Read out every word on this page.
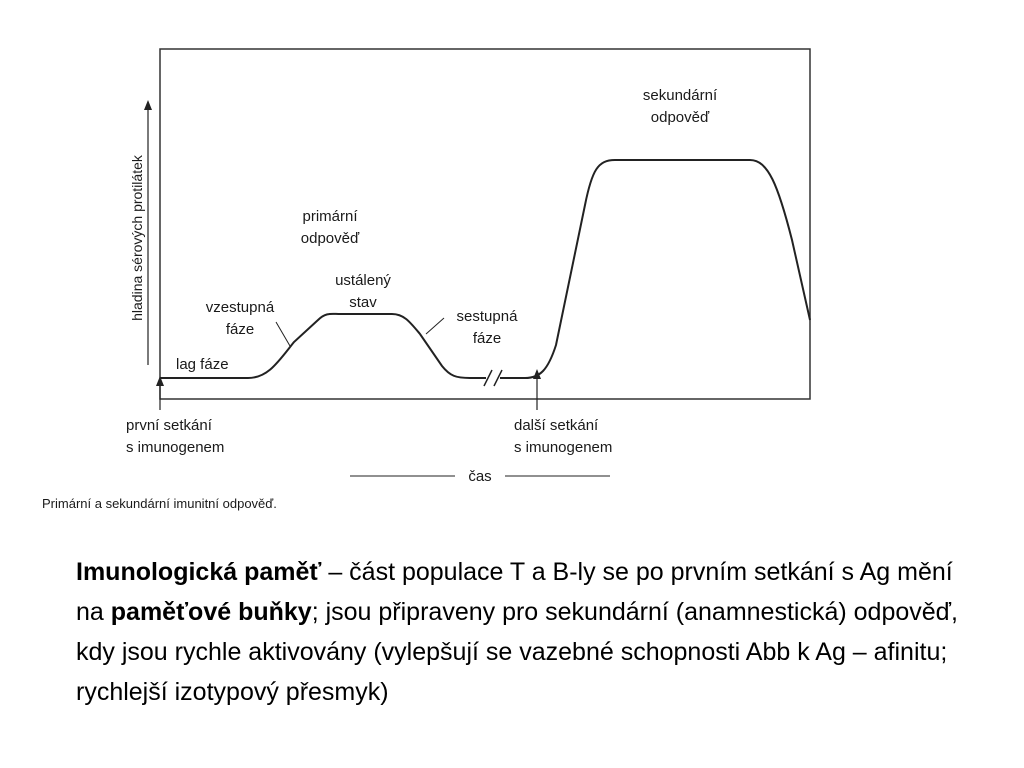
hladina sérových protilátek
lag fáze
vzestupná
fáze
primární
odpověď
ustálený
stav
sestupná
fáze
sekundární
odpověď
první setkání
s imunogenem
další setkání
s imunogenem
čas
Primární a sekundární imunitní odpověď.

Imunologická paměť – část populace T a B-ly se po prvním setkání s Ag mění na paměťové buňky; jsou připraveny pro sekundární (anamnestická) odpověď, kdy jsou rychle aktivovány (vylepšují se vazebné schopnosti Abb k Ag – afinitu; rychlejší izotypový přesmyk)
